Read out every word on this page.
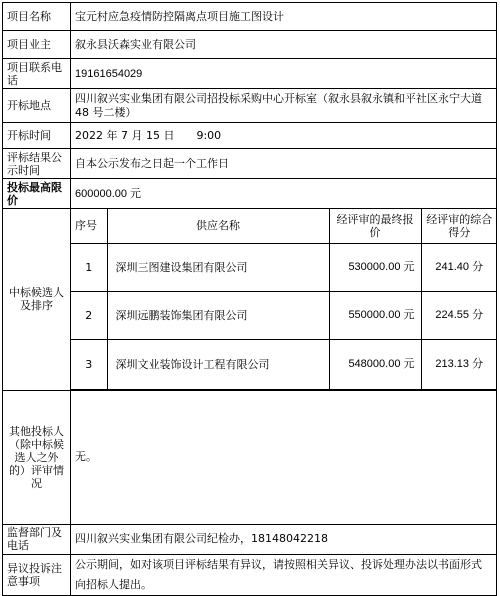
项目名称	宝元村应急疫情防控隔离点项目施工图设计
项目业主	叙永县沃森实业有限公司
项目联系电话	19161654029
开标地点	四川叙兴实业集团有限公司招投标采购中心开标室（叙永县叙永镇和平社区永宁大道 48 号二楼）
开标时间	2022 年 7 月 15 日　　9:00
评标结果公示时间	自本公示发布之日起一个工作日
投标最高限价	600000.00 元
中标候选人及排序	
序号	供应名称	经评审的最终报价	经评审的综合得分
1	深圳三图建设集团有限公司	530000.00 元	241.40 分
2	深圳远鹏装饰集团有限公司	550000.00 元	224.55 分
3	深圳文业装饰设计工程有限公司	548000.00 元	213.13 分

其他投标人（除中标候选人之外的）评审情况	无。
监督部门及电话	四川叙兴实业集团有限公司纪检办，18148042218
异议投诉注意事项	公示期间，如对该项目评标结果有异议，请按照相关异议、投诉处理办法以书面形式向招标人提出。
